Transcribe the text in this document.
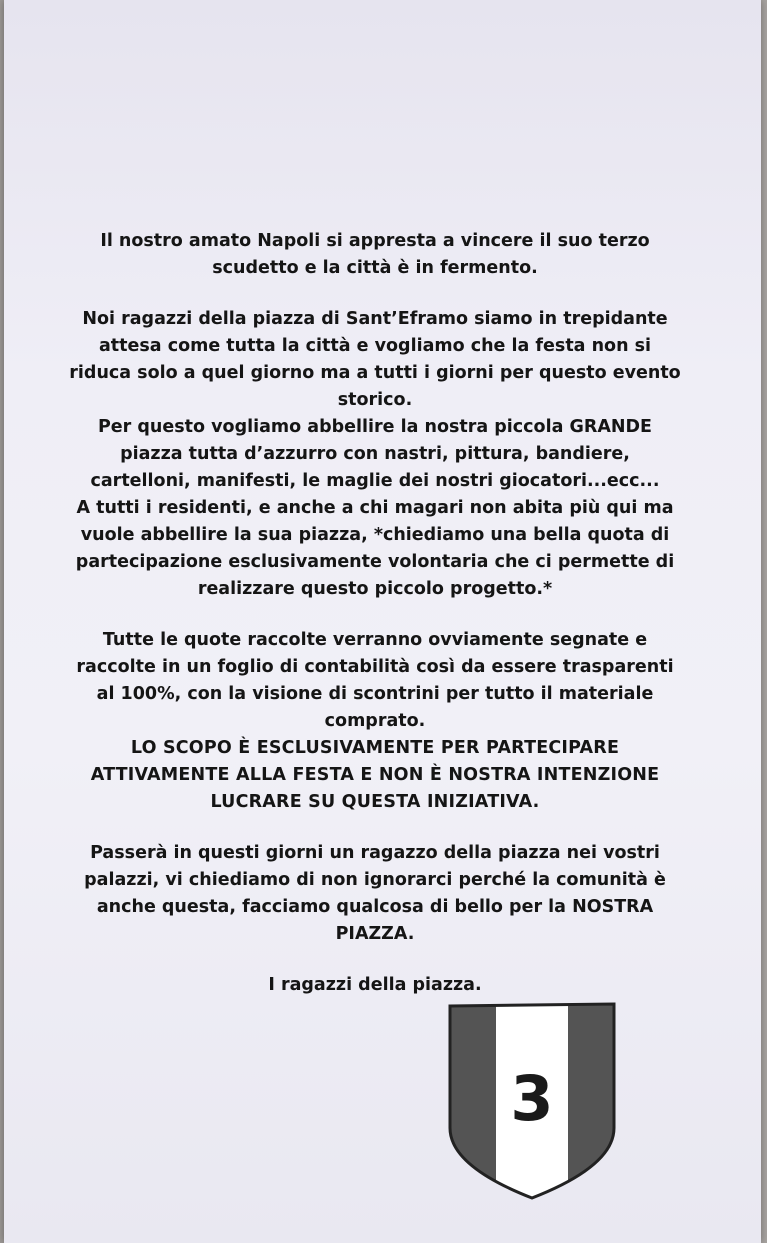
Il nostro amato Napoli si appresta a vincere il suo terzo

scudetto e la città è in fermento.

Noi ragazzi della piazza di Sant’Eframo siamo in trepidante

attesa come tutta la città e vogliamo che la festa non si

riduca solo a quel giorno ma a tutti i giorni per questo evento

storico.

Per questo vogliamo abbellire la nostra piccola GRANDE

piazza tutta d’azzurro con nastri, pittura, bandiere,

cartelloni, manifesti, le maglie dei nostri giocatori...ecc...

A tutti i residenti, e anche a chi magari non abita più qui ma

vuole abbellire la sua piazza, *chiediamo una bella quota di

partecipazione esclusivamente volontaria che ci permette di

realizzare questo piccolo progetto.*

Tutte le quote raccolte verranno ovviamente segnate e

raccolte in un foglio di contabilità così da essere trasparenti

al 100%, con la visione di scontrini per tutto il materiale

comprato.

LO SCOPO È ESCLUSIVAMENTE PER PARTECIPARE

ATTIVAMENTE ALLA FESTA E NON È NOSTRA INTENZIONE

LUCRARE SU QUESTA INIZIATIVA.

Passerà in questi giorni un ragazzo della piazza nei vostri

palazzi, vi chiediamo di non ignorarci perché la comunità è

anche questa, facciamo qualcosa di bello per la NOSTRA

PIAZZA.

I ragazzi della piazza.

3
